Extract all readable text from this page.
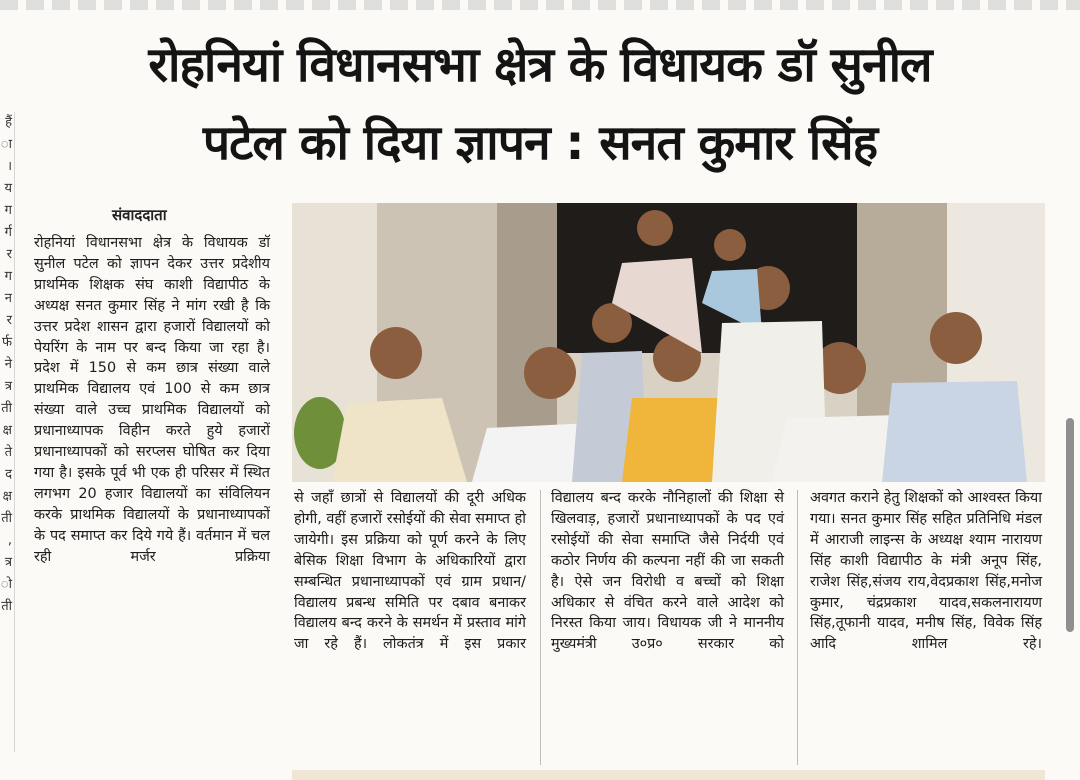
हैं
ा
।
य
ग
र्ग
र
ग
न
र
र्फ
ने
त्र
ती
क्ष
ते
द
क्ष
ती
,
त्र
ो
ती
रोहनियां विधानसभा क्षेत्र के विधायक डॉ सुनील
पटेल को दिया ज्ञापन : सनत कुमार सिंह
संवाददाता

रोहनियां विधानसभा क्षेत्र के विधायक डॉ सुनील पटेल को ज्ञापन देकर उत्तर प्रदेशीय प्राथमिक शिक्षक संघ काशी विद्यापीठ के अध्यक्ष सनत कुमार सिंह ने मांग रखी है कि उत्तर प्रदेश शासन द्वारा हजारों विद्यालयों को पेयरिंग के नाम पर बन्द किया जा रहा है। प्रदेश में 150 से कम छात्र संख्या वाले प्राथमिक विद्यालय एवं 100 से कम छात्र संख्या वाले उच्च प्राथमिक विद्यालयों को प्रधानाध्यापक विहीन करते हुये हजारों प्रधानाध्यापकों को सरप्लस घोषित कर दिया गया है। इसके पूर्व भी एक ही परिसर में स्थित लगभग 20 हजार विद्यालयों का संविलियन करके प्राथमिक विद्यालयों के प्रधानाध्यापकों के पद समाप्त कर दिये गये हैं। वर्तमान में चल रही मर्जर प्रक्रिया

से जहाँ छात्रों से विद्यालयों की दूरी अधिक होगी, वहीं हजारों रसोईयों की सेवा समाप्त हो जायेगी। इस प्रक्रिया को पूर्ण करने के लिए बेसिक शिक्षा विभाग के अधिकारियों द्वारा सम्बन्धित प्रधानाध्यापकों एवं ग्राम प्रधान/विद्यालय प्रबन्ध समिति पर दबाव बनाकर विद्यालय बन्द करने के समर्थन में प्रस्ताव मांगे जा रहे हैं। लोकतंत्र में इस प्रकार

विद्यालय बन्द करके नौनिहालों की शिक्षा से खिलवाड़, हजारों प्रधानाध्यापकों के पद एवं रसोईयों की सेवा समाप्ति जैसे निर्दयी एवं कठोर निर्णय की कल्पना नहीं की जा सकती है। ऐसे जन विरोधी व बच्चों को शिक्षा अधिकार से वंचित करने वाले आदेश को निरस्त किया जाय। विधायक जी ने माननीय मुख्यमंत्री उ०प्र० सरकार को

अवगत कराने हेतु शिक्षकों को आश्वस्त किया गया। सनत कुमार सिंह सहित प्रतिनिधि मंडल में आराजी लाइन्स के अध्यक्ष श्याम नारायण सिंह काशी विद्यापीठ के मंत्री अनूप सिंह, राजेश सिंह,संजय राय,वेदप्रकाश सिंह,मनोज कुमार, चंद्रप्रकाश यादव,सकलनारायण सिंह,तूफानी यादव, मनीष सिंह, विवेक सिंह आदि शामिल रहे।
